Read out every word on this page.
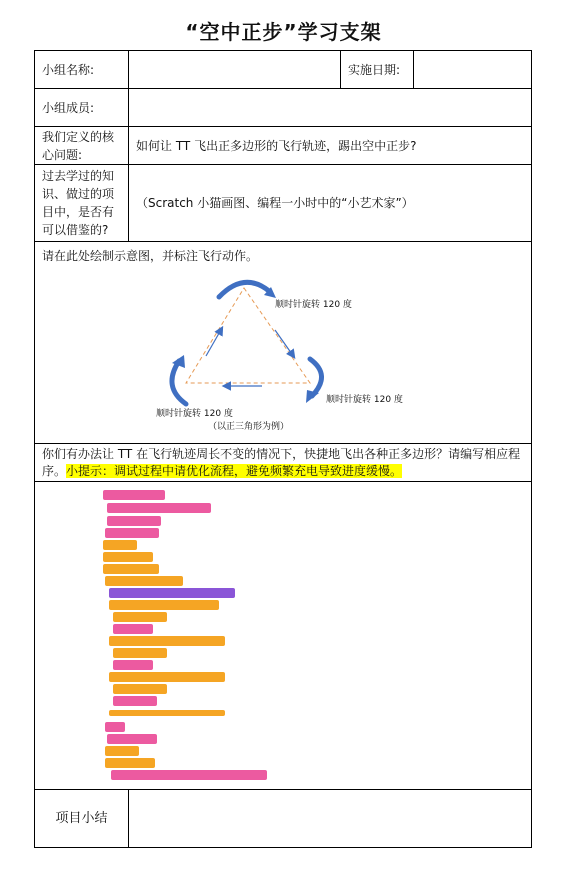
“空中正步”学习支架
小组名称:		实施日期:	
小组成员:			
我们定义的核心问题:	如何让 TT 飞出正多边形的飞行轨迹，踢出空中正步?		
过去学过的知识、做过的项目中，是否有可以借鉴的?	（Scratch 小猫画图、编程一小时中的“小艺术家”）		

请在此处绘制示意图，并标注飞行动作。
顺时针旋转 120 度
顺时针旋转 120 度
顺时针旋转 120 度
（以正三角形为例）			

你们有办法让 TT 在飞行轨迹周长不变的情况下，快捷地飞出各种正多边形？请编写相应程序。小提示：调试过程中请优化流程，避免频繁充电导致进度缓慢。			

项目小结			
